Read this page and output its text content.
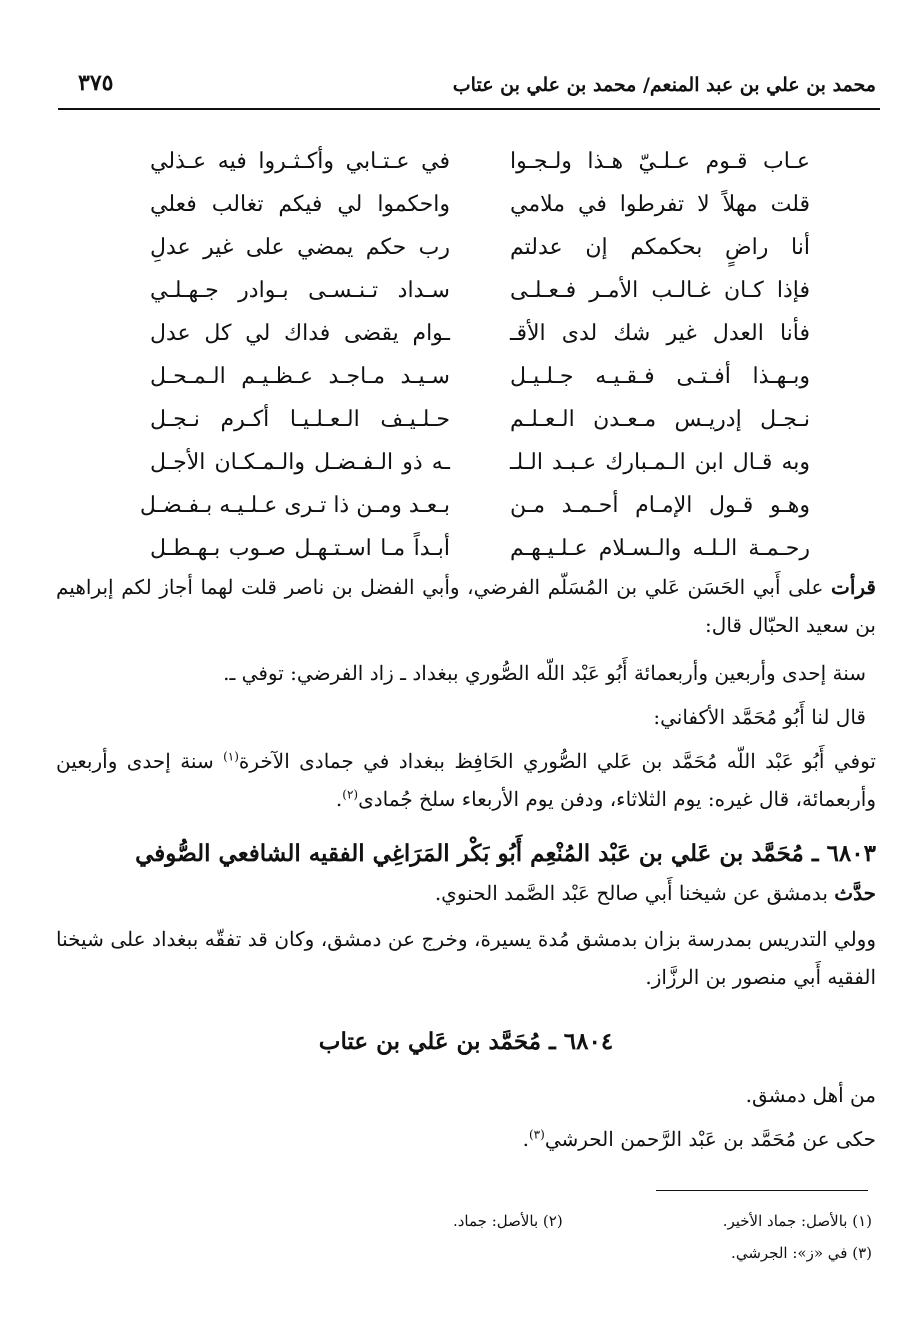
محمد بن علي بن عبد المنعم/ محمد بن علي بن عتاب
٣٧٥
عـاب قـوم عـلـيّ هـذا ولـجـوا
في عـتـابي وأكـثـروا فيه عـذلي
قلت مهلاً لا تفرطوا في ملامي
واحكموا لي فيكم تغالب فعلي
أنا راضٍ بحكمكم إن عدلتم
رب حكم يمضي على غير عدلِ
فإذا كـان غـالـب الأمـر فـعـلـى
سـداد تـنـسـى بـوادر جـهـلـي
فأنا العدل غير شك لدى الأقـ
ـوام يقضى فداك لي كل عدل
وبـهـذا أفـتـى فـقـيـه جـلـيـل
سـيـد مـاجـد عـظـيـم الـمـحـل
نـجـل إدريـس مـعـدن الـعـلـم
حـلـيـف الـعـلـيـا أكـرم نـجـل
وبه قـال ابن الـمـبارك عـبـد الـلـ
ـه ذو الـفـضـل والـمـكـان الأجـل
وهـو قـول الإمـام أحـمـد مـن
بـعـد ومـن ذا تـرى عـلـيـه بـفـضـل
رحـمـة الـلـه والـسـلام عـلـيـهـم
أبـداً مـا اسـتـهـل صـوب بـهـطـل

قرأت على أَبي الحَسَن عَلي بن المُسَلّم الفرضي، وأبي الفضل بن ناصر قلت لهما أجاز لكم إبراهيم بن سعيد الحبّال قال:

سنة إحدى وأربعين وأربعمائة أَبُو عَبْد اللّه الصُّوري ببغداد ـ زاد الفرضي: توفي ـ.

قال لنا أَبُو مُحَمَّد الأكفاني:

توفي أَبُو عَبْد اللّه مُحَمَّد بن عَلي الصُّوري الحَافِظ ببغداد في جمادى الآخرة$^{(١)}$ سنة إحدى وأربعين وأربعمائة، قال غيره: يوم الثلاثاء، ودفن يوم الأربعاء سلخ جُمادى$^{(٢)}$.

٦٨٠٣ ـ مُحَمَّد بن عَلي بن عَبْد المُنْعِم أَبُو بَكْر المَرَاغِي الفقيه الشافعي الصُّوفي

حدَّث بدمشق عن شيخنا أَبي صالح عَبْد الصَّمد الحنوي.

وولي التدريس بمدرسة بزان بدمشق مُدة يسيرة، وخرج عن دمشق، وكان قد تفقّه ببغداد على شيخنا الفقيه أَبي منصور بن الرزَّاز.

٦٨٠٤ ـ مُحَمَّد بن عَلي بن عتاب

من أهل دمشق.

حكى عن مُحَمَّد بن عَبْد الرَّحمن الحرشي$^{(٣)}$.

(١) بالأصل: جماد الأخير.
(٢) بالأصل: جماد.
(٣) في «ز»: الجرشي.
